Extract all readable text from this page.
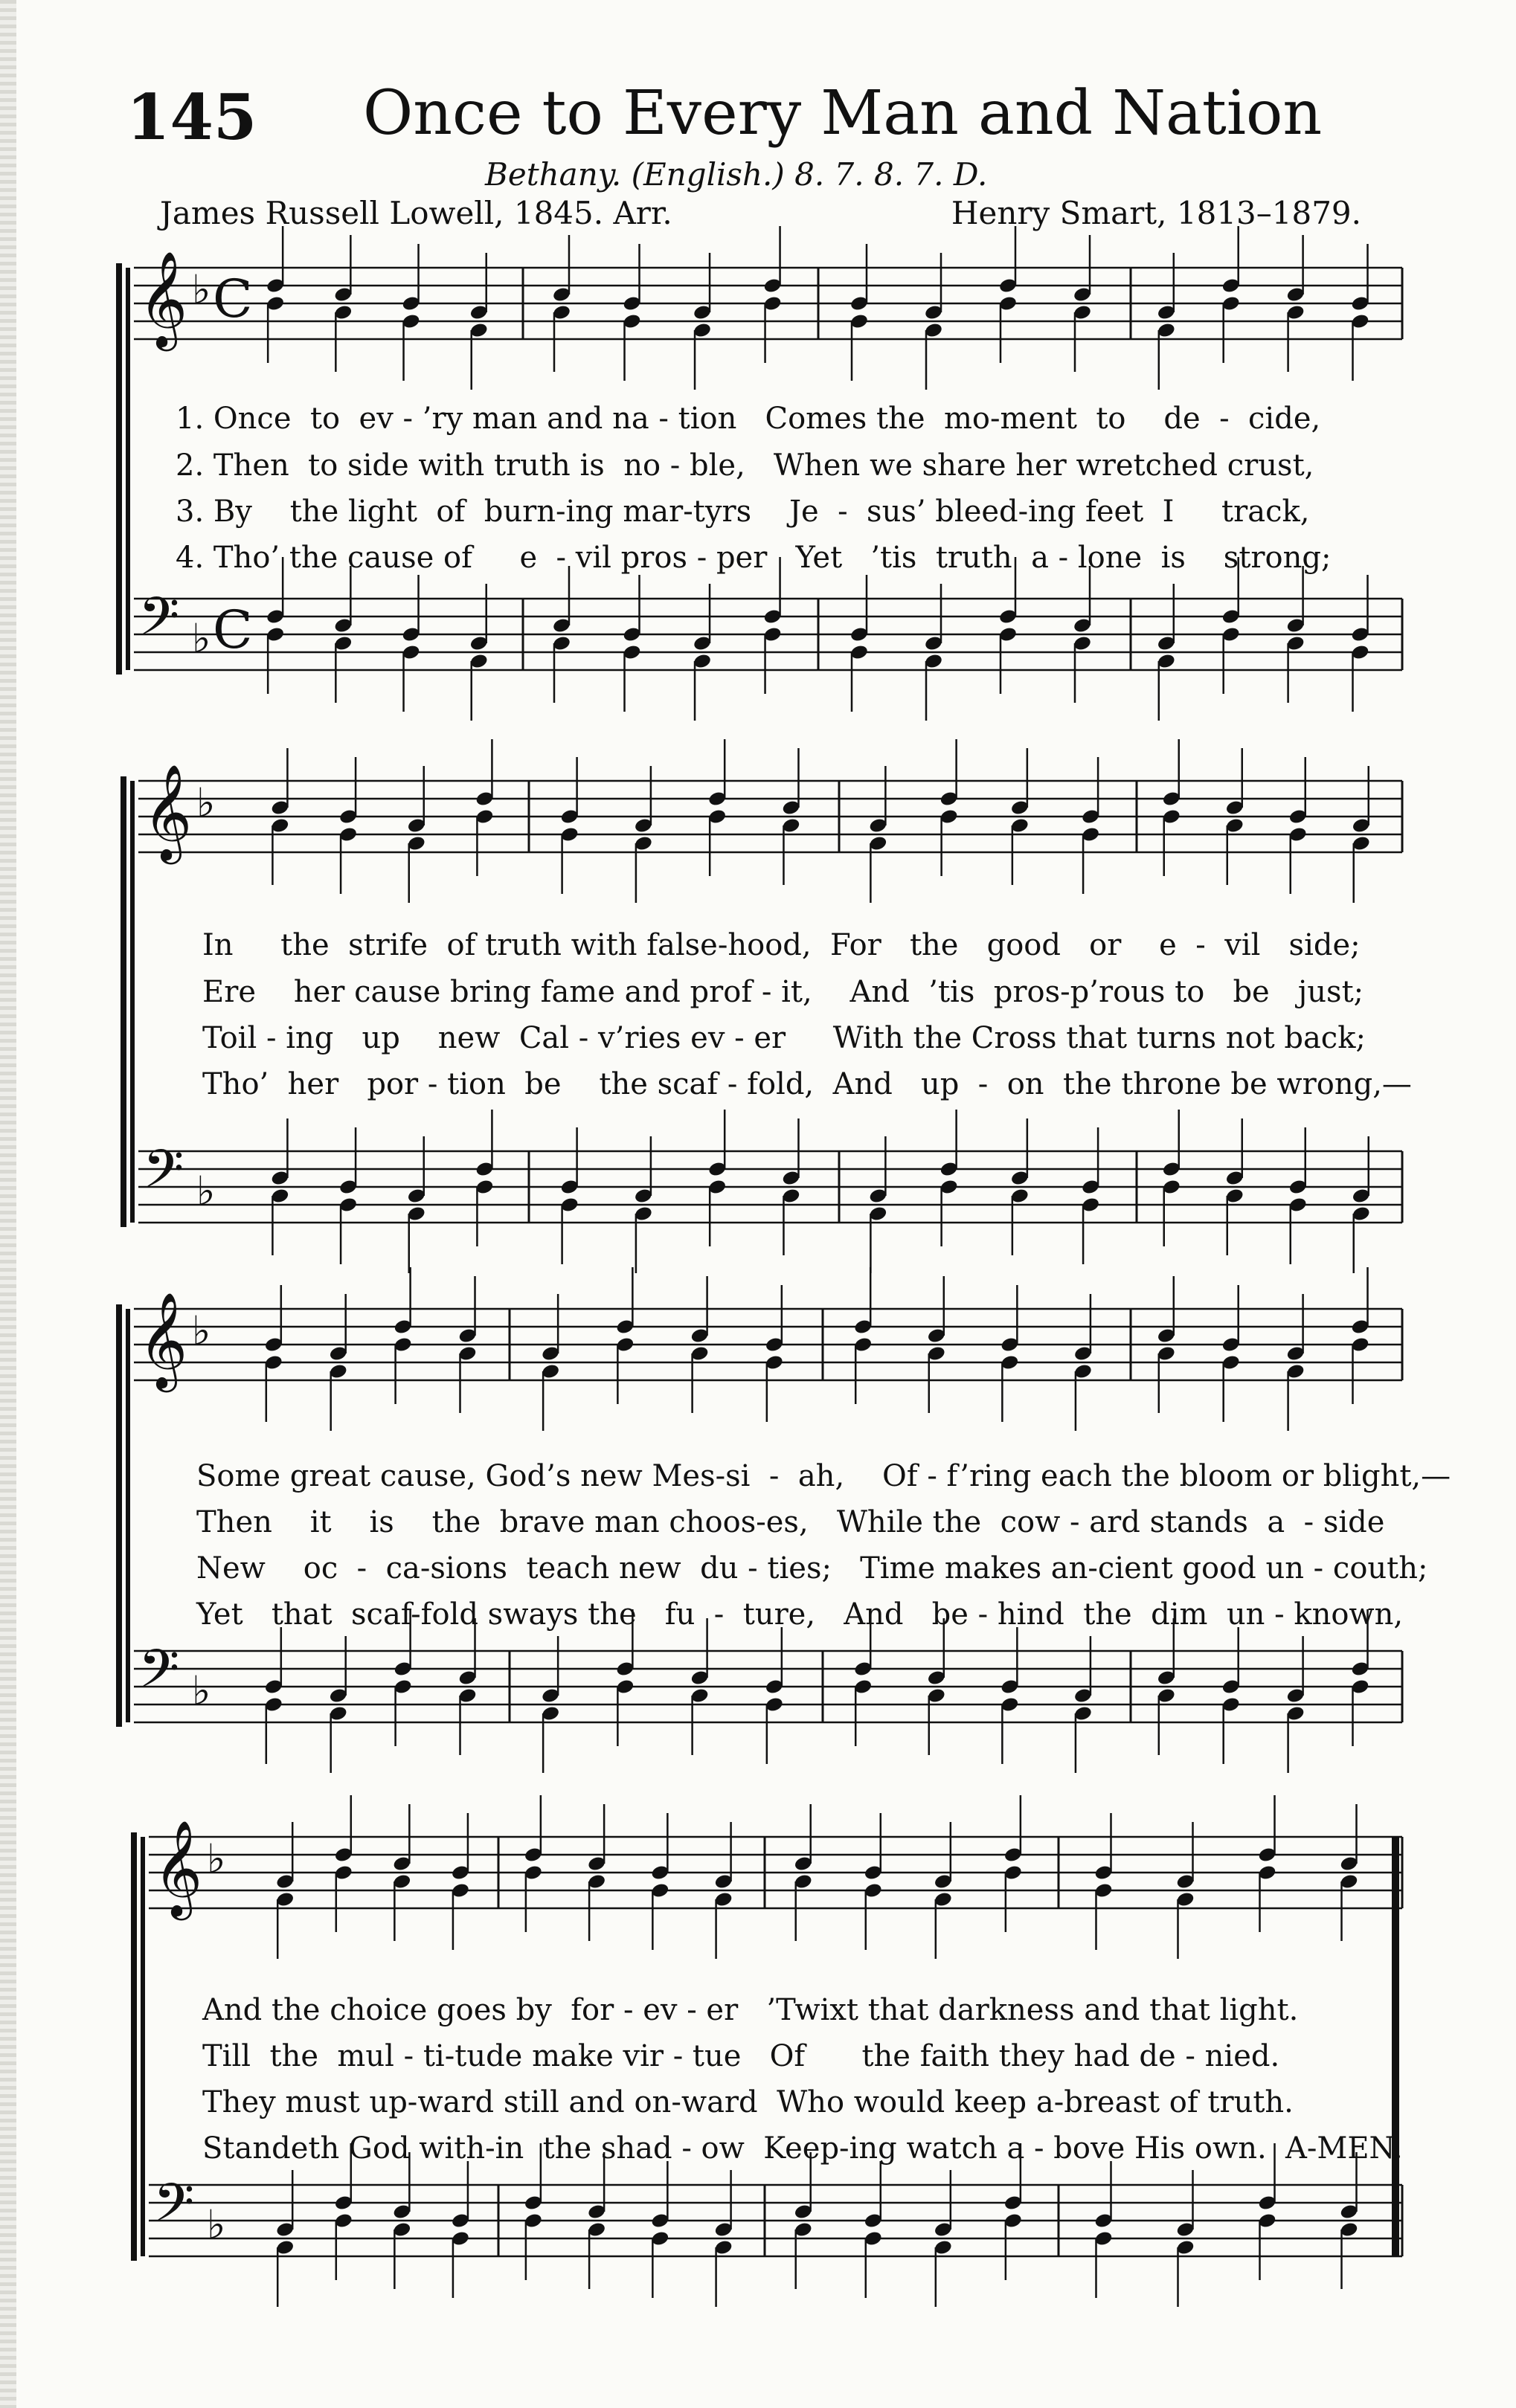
145 Once to Every Man and Nation
Bethany. (English.) 8. 7. 8. 7. D.
James Russell Lowell, 1845. Arr.	Henry Smart, 1813–1879.
𝄞 ♭ C
𝄢 ♭ C
𝄞 ♭
𝄢 ♭
𝄞 ♭
𝄢 ♭
𝄞 ♭
𝄢 ♭
1. Once  to  ev - ’ry man and na - tion   Comes the  mo-ment  to    de  -  cide,
2. Then  to side with truth is  no - ble,   When we share her wretched crust,
3. By    the light  of  burn-ing mar-tyrs    Je  -  sus’ bleed-ing feet  I     track,
4. Tho’ the cause of     e  - vil pros - per   Yet   ’tis  truth  a - lone  is    strong;
In     the  strife  of truth with false-hood,  For   the   good   or    e  -  vil   side;
Ere    her cause bring fame and prof - it,    And  ’tis  pros-p’rous to   be   just;
Toil - ing   up    new  Cal - v’ries ev - er     With the Cross that turns not back;
Tho’  her   por - tion  be    the scaf - fold,  And   up  -  on  the throne be wrong,—
Some great cause, God’s new Mes-si  -  ah,    Of - f’ring each the bloom or blight,—
Then    it    is    the  brave man choos-es,   While the  cow - ard stands  a  - side
New    oc  -  ca-sions  teach new  du - ties;   Time makes an-cient good un - couth;
Yet   that  scaf-fold sways the   fu  -  ture,   And   be - hind  the  dim  un - known,
And the choice goes by  for - ev - er   ’Twixt that darkness and that light.
Till  the  mul - ti-tude make vir - tue   Of      the faith they had de - nied.
They must up-ward still and on-ward  Who would keep a-breast of truth.
Standeth God with-in  the shad - ow  Keep-ing watch a - bove His own. A-MEN.
